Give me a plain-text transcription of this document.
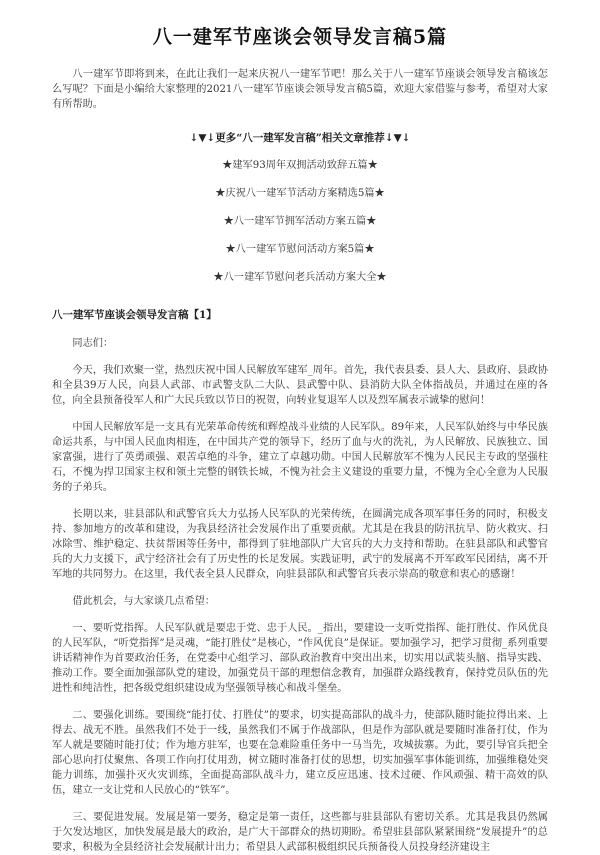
八一建军节座谈会领导发言稿5篇

八一建军节即将到来，在此让我们一起来庆祝八一建军节吧！那么关于八一建军节座谈会领导发言稿该怎么写呢？下面是小编给大家整理的2021八一建军节座谈会领导发言稿5篇，欢迎大家借鉴与参考，希望对大家有所帮助。

↓▼↓更多“八一建军发言稿”相关文章推荐↓▼↓
★建军93周年双拥活动致辞五篇★
★庆祝八一建军节活动方案精选5篇★
★八一建军节拥军活动方案五篇★
★八一建军节慰问活动方案5篇★
★八一建军节慰问老兵活动方案大全★
八一建军节座谈会领导发言稿【1】

同志们：

今天，我们欢聚一堂，热烈庆祝中国人民解放军建军_周年。首先，我代表县委、县人大、县政府、县政协和全县39万人民，向县人武部、市武警支队二大队、县武警中队、县消防大队全体指战员，并通过在座的各位，向全县预备役军人和广大民兵致以节日的祝贺，向转业复退军人以及烈军属表示诚挚的慰问！

中国人民解放军是一支具有光荣革命传统和辉煌战斗业绩的人民军队。89年来，人民军队始终与中华民族命运共系，与中国人民血肉相连，在中国共产党的领导下，经历了血与火的洗礼，为人民解放、民族独立、国家富强，进行了英勇顽强、艰苦卓绝的斗争，建立了卓越功勋。中国人民解放军不愧为人民民主专政的坚强柱石，不愧为捍卫国家主权和领土完整的钢铁长城，不愧为社会主义建设的重要力量，不愧为全心全意为人民服务的子弟兵。

长期以来，驻县部队和武警官兵大力弘扬人民军队的光荣传统，在圆满完成各项军事任务的同时，积极支持、参加地方的改革和建设，为我县经济社会发展作出了重要贡献。尤其是在我县的防汛抗旱、防火救灾、扫冰除雪、维护稳定、扶贫帮困等任务中，都得到了驻地部队广大官兵的大力支持和帮助。在驻县部队和武警官兵的大力支援下，武宁经济社会有了历史性的长足发展。实践证明，武宁的发展离不开军政军民团结，离不开军地的共同努力。在这里，我代表全县人民群众，向驻县部队和武警官兵表示崇高的敬意和衷心的感谢！

借此机会，与大家谈几点希望：

一、要听党指挥。人民军队就是要忠于党、忠于人民。_指出，要建设一支听党指挥、能打胜仗、作风优良的人民军队，“听党指挥”是灵魂，“能打胜仗”是核心，“作风优良”是保证。要加强学习，把学习贯彻_系列重要讲话精神作为首要政治任务，在党委中心组学习、部队政治教育中突出出来，切实用以武装头脑、指导实践、推动工作。要全面加强部队党的建设，加强党员干部的理想信念教育，加强群众路线教育，保持党员队伍的先进性和纯洁性，把各级党组织建设成为坚强领导核心和战斗堡垒。

二、要强化训练。要围绕“能打仗、打胜仗”的要求，切实提高部队的战斗力，使部队随时能拉得出来、上得去、战无不胜。虽然我们不处于一线，虽然我们不属于作战部队，但是作为部队就是要随时准备打仗，作为军人就是要随时能打仗；作为地方驻军，也要在急难险重任务中一马当先，攻城拔寨。为此，要引导官兵把全部心思向打仗聚焦、各项工作向打仗用劲，树立随时准备打仗的思想，切实加强军事体能训练，加强维稳处突能力训练，加强扑灭火灾训练，全面提高部队战斗力，建立反应迅速、技术过硬、作风顽强、精干高效的队伍，建立一支让党和人民放心的“铁军”。

三、要促进发展。发展是第一要务，稳定是第一责任，这些都与驻县部队有密切关系。尤其是我县仍然属于欠发达地区，加快发展是最大的政治，是广大干部群众的热切期盼。希望驻县部队紧紧围绕“发展提升”的总要求，积极为全县经济社会发展献计出力；希望县人武部积极组织民兵预备役人员投身经济建设主
